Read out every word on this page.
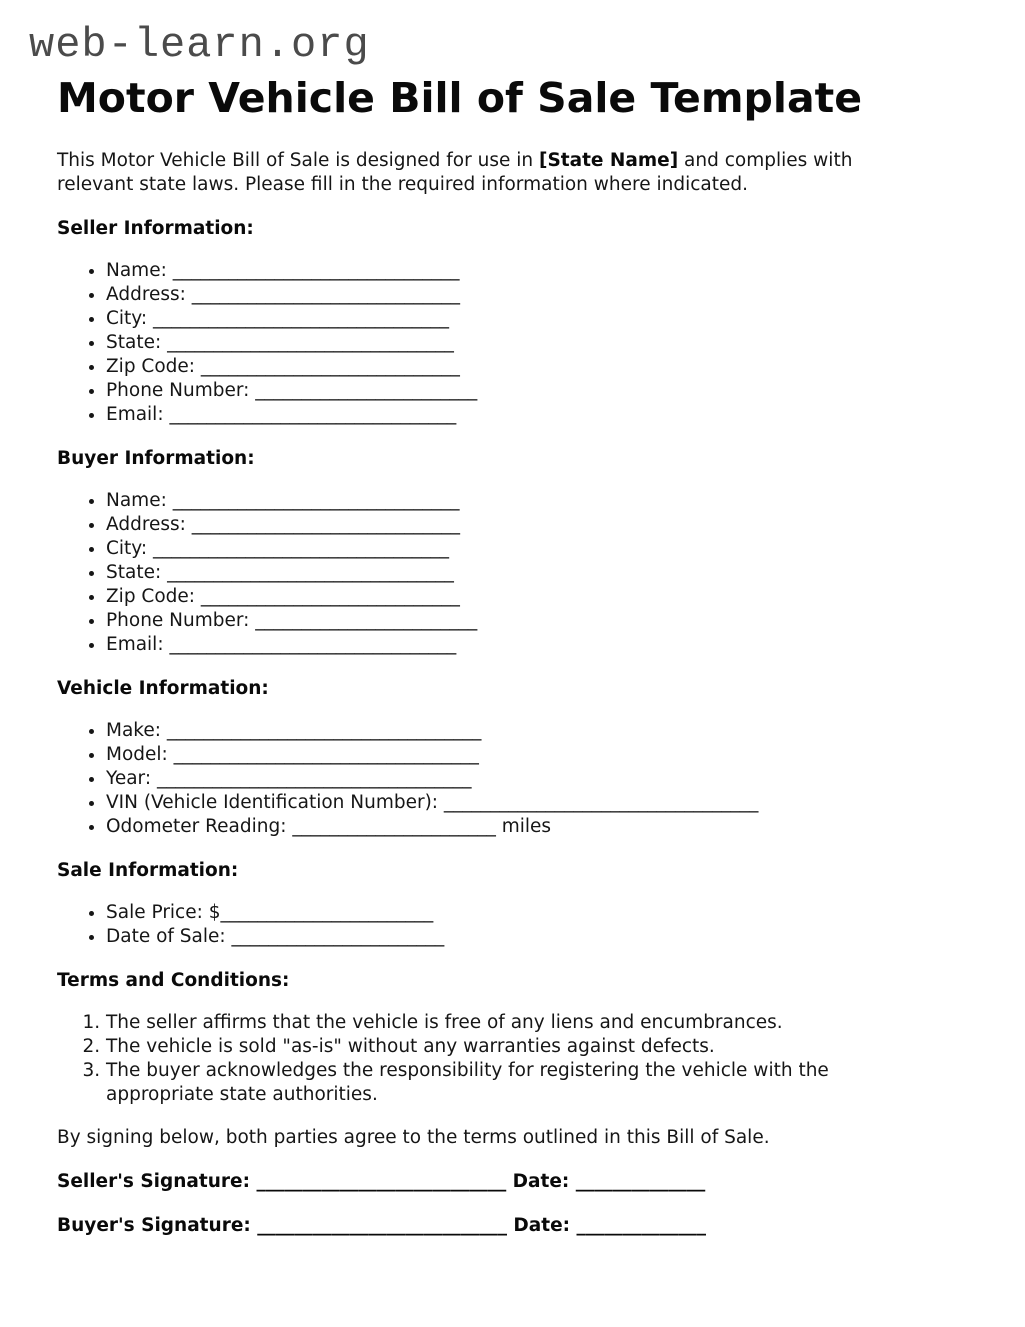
web-learn.org
Motor Vehicle Bill of Sale Template

This Motor Vehicle Bill of Sale is designed for use in [State Name] and complies with relevant state laws. Please fill in the required information where indicated.

Seller Information:
• Name: _______________________________
• Address: _____________________________
• City: ________________________________
• State: _______________________________
• Zip Code: ____________________________
• Phone Number: ________________________
• Email: _______________________________
Buyer Information:
• Name: _______________________________
• Address: _____________________________
• City: ________________________________
• State: _______________________________
• Zip Code: ____________________________
• Phone Number: ________________________
• Email: _______________________________
Vehicle Information:
• Make: __________________________________
• Model: _________________________________
• Year: __________________________________
• VIN (Vehicle Identification Number): __________________________________
• Odometer Reading: ______________________ miles
Sale Information:
• Sale Price: $_______________________
• Date of Sale: _______________________
Terms and Conditions:
1. The seller affirms that the vehicle is free of any liens and encumbrances.
2. The vehicle is sold "as-is" without any warranties against defects.
3. The buyer acknowledges the responsibility for registering the vehicle with the appropriate state authorities.

By signing below, both parties agree to the terms outlined in this Bill of Sale.

Seller's Signature: ___________________________ Date: ______________

Buyer's Signature: ___________________________ Date: ______________
